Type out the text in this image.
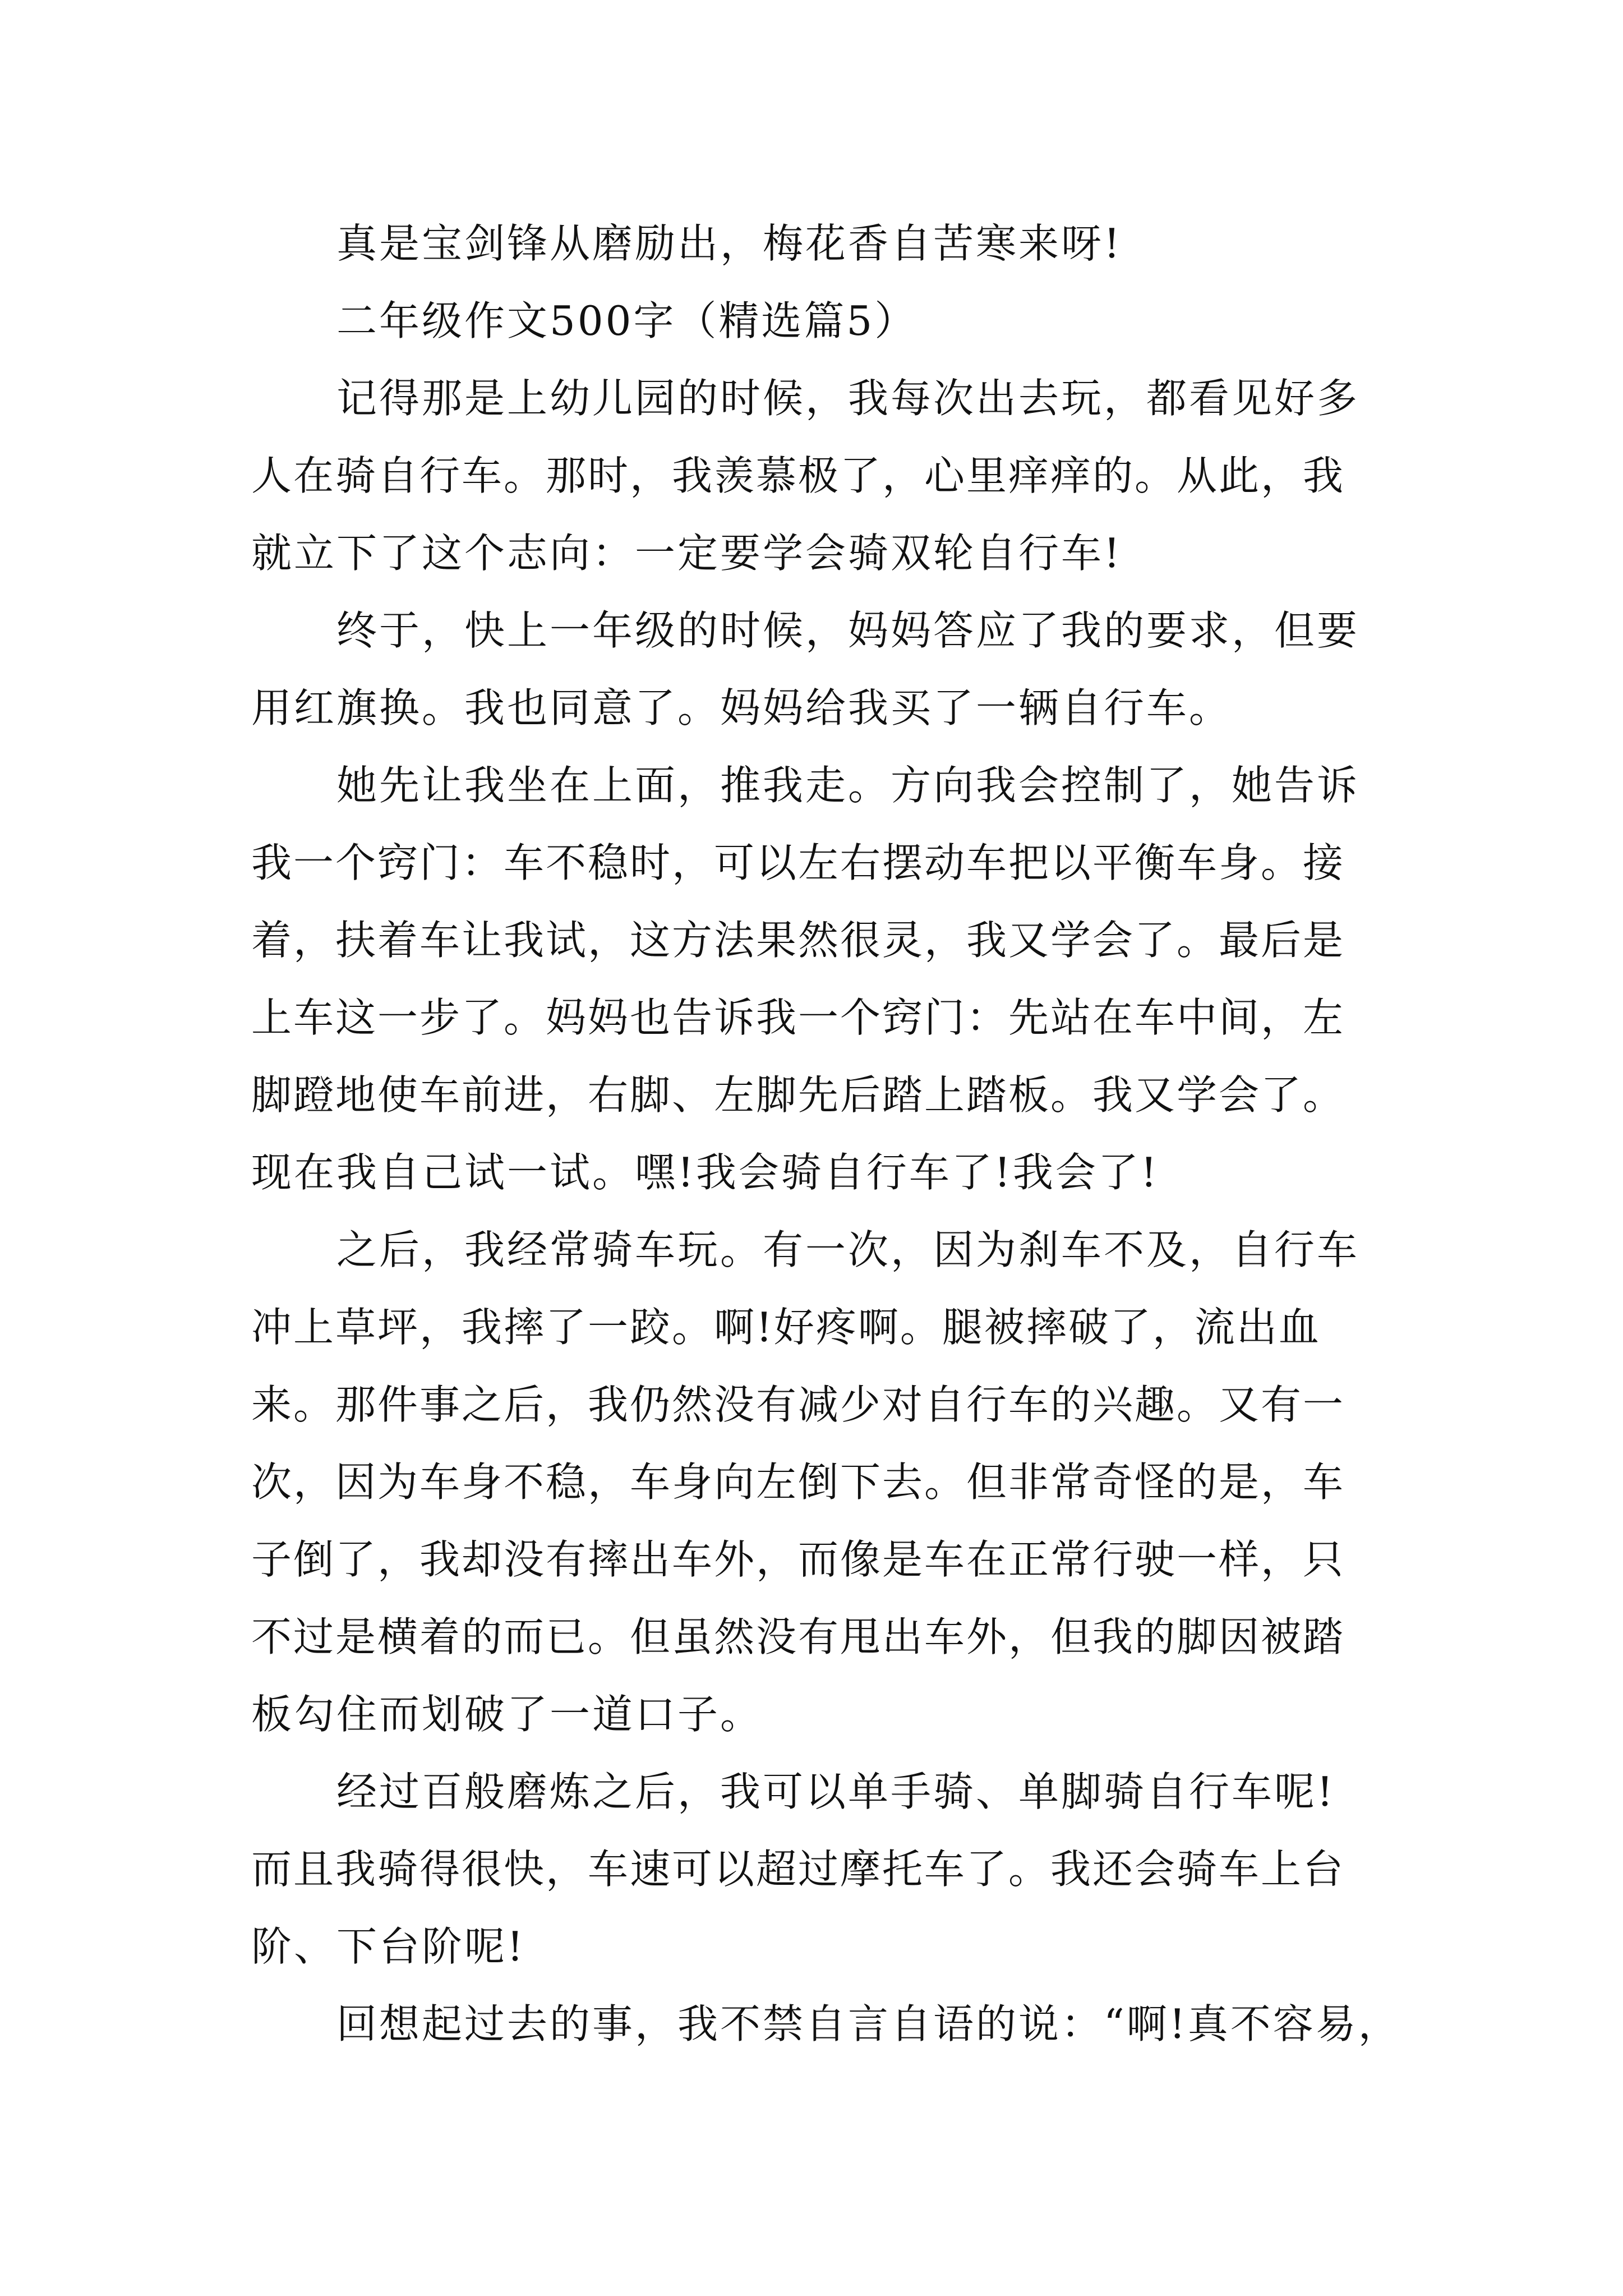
真是宝剑锋从磨励出，梅花香自苦寒来呀!
二年级作文500字（精选篇5）
记得那是上幼儿园的时候，我每次出去玩，都看见好多
人在骑自行车。那时，我羡慕极了，心里痒痒的。从此，我
就立下了这个志向：一定要学会骑双轮自行车!
终于，快上一年级的时候，妈妈答应了我的要求，但要
用红旗换。我也同意了。妈妈给我买了一辆自行车。
她先让我坐在上面，推我走。方向我会控制了，她告诉
我一个窍门：车不稳时，可以左右摆动车把以平衡车身。接
着，扶着车让我试，这方法果然很灵，我又学会了。最后是
上车这一步了。妈妈也告诉我一个窍门：先站在车中间，左
脚蹬地使车前进，右脚、左脚先后踏上踏板。我又学会了。
现在我自己试一试。嘿!我会骑自行车了!我会了!
之后，我经常骑车玩。有一次，因为刹车不及，自行车
冲上草坪，我摔了一跤。啊!好疼啊。腿被摔破了，流出血
来。那件事之后，我仍然没有减少对自行车的兴趣。又有一
次，因为车身不稳，车身向左倒下去。但非常奇怪的是，车
子倒了，我却没有摔出车外，而像是车在正常行驶一样，只
不过是横着的而已。但虽然没有甩出车外，但我的脚因被踏
板勾住而划破了一道口子。
经过百般磨炼之后，我可以单手骑、单脚骑自行车呢!
而且我骑得很快，车速可以超过摩托车了。我还会骑车上台
阶、下台阶呢!
回想起过去的事，我不禁自言自语的说：“啊!真不容易，
